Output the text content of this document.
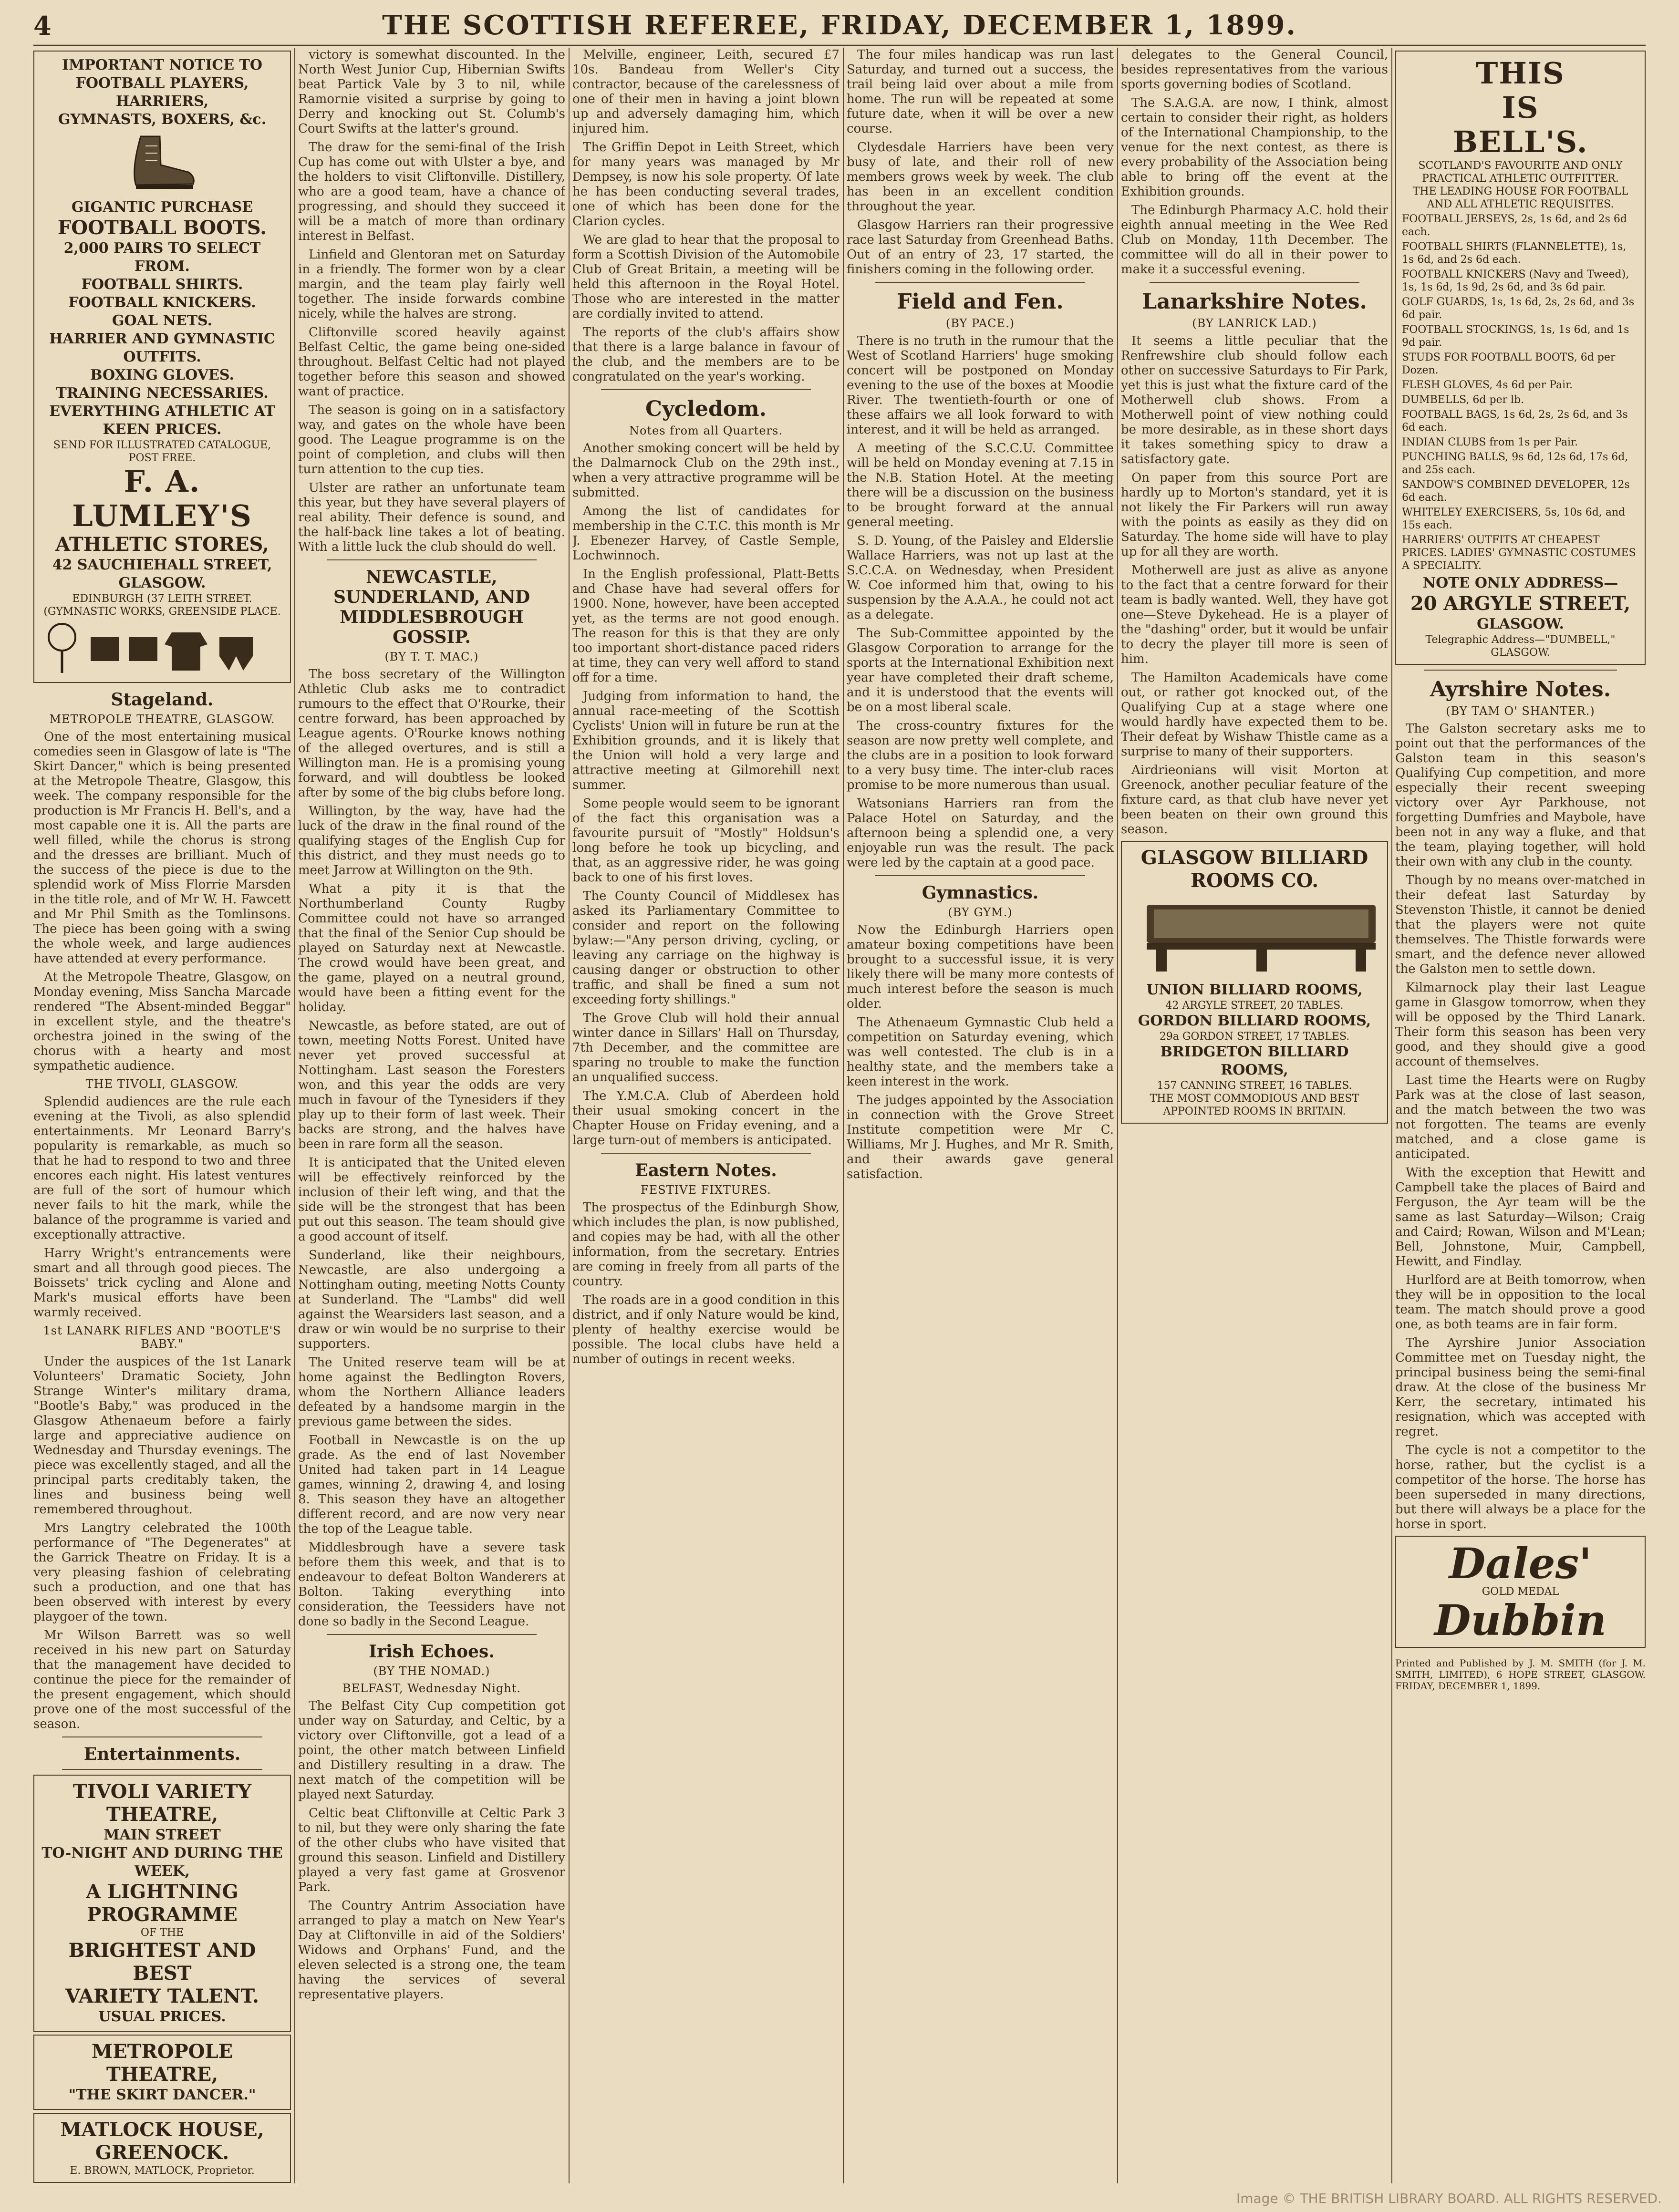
4	THE SCOTTISH REFEREE, FRIDAY, DECEMBER 1, 1899.
IMPORTANT NOTICE TO
FOOTBALL PLAYERS,
HARRIERS,
GYMNASTS, BOXERS, &c.
GIGANTIC PURCHASE
FOOTBALL BOOTS.
2,000 PAIRS TO SELECT FROM.
FOOTBALL SHIRTS.
FOOTBALL KNICKERS.
GOAL NETS.
HARRIER AND GYMNASTIC OUTFITS.
BOXING GLOVES.
TRAINING NECESSARIES.
EVERYTHING ATHLETIC AT KEEN PRICES.
SEND FOR ILLUSTRATED CATALOGUE, POST FREE.
F. A. LUMLEY'S
ATHLETIC STORES,
42 SAUCHIEHALL STREET, GLASGOW.
EDINBURGH (37 LEITH STREET. (GYMNASTIC WORKS, GREENSIDE PLACE.
Stageland.
METROPOLE THEATRE, GLASGOW.

One of the most entertaining musical comedies seen in Glasgow of late is "The Skirt Dancer," which is being presented at the Metropole Theatre, Glasgow, this week. The company responsible for the production is Mr Francis H. Bell's, and a most capable one it is. All the parts are well filled, while the chorus is strong and the dresses are brilliant. Much of the success of the piece is due to the splendid work of Miss Florrie Marsden in the title role, and of Mr W. H. Fawcett and Mr Phil Smith as the Tomlinsons. The piece has been going with a swing the whole week, and large audiences have attended at every performance.

At the Metropole Theatre, Glasgow, on Monday evening, Miss Sancha Marcade rendered "The Absent-minded Beggar" in excellent style, and the theatre's orchestra joined in the swing of the chorus with a hearty and most sympathetic audience.

THE TIVOLI, GLASGOW.

Splendid audiences are the rule each evening at the Tivoli, as also splendid entertainments. Mr Leonard Barry's popularity is remarkable, as much so that he had to respond to two and three encores each night. His latest ventures are full of the sort of humour which never fails to hit the mark, while the balance of the programme is varied and exceptionally attractive.

Harry Wright's entrancements were smart and all through good pieces. The Boissets' trick cycling and Alone and Mark's musical efforts have been warmly received.

1st LANARK RIFLES AND "BOOTLE'S BABY."

Under the auspices of the 1st Lanark Volunteers' Dramatic Society, John Strange Winter's military drama, "Bootle's Baby," was produced in the Glasgow Athenaeum before a fairly large and appreciative audience on Wednesday and Thursday evenings. The piece was excellently staged, and all the principal parts creditably taken, the lines and business being well remembered throughout.

Mrs Langtry celebrated the 100th performance of "The Degenerates" at the Garrick Theatre on Friday. It is a very pleasing fashion of celebrating such a production, and one that has been observed with interest by every playgoer of the town.

Mr Wilson Barrett was so well received in his new part on Saturday that the management have decided to continue the piece for the remainder of the present engagement, which should prove one of the most successful of the season.

Entertainments.
TIVOLI VARIETY THEATRE,
MAIN STREET
TO-NIGHT AND DURING THE WEEK,
A LIGHTNING PROGRAMME
OF THE
BRIGHTEST AND BEST
VARIETY TALENT.
USUAL PRICES.
METROPOLE THEATRE,
"THE SKIRT DANCER."
MATLOCK HOUSE, GREENOCK.
E. BROWN, MATLOCK, Proprietor.

victory is somewhat discounted. In the North West Junior Cup, Hibernian Swifts beat Partick Vale by 3 to nil, while Ramornie visited a surprise by going to Derry and knocking out St. Columb's Court Swifts at the latter's ground.

The draw for the semi-final of the Irish Cup has come out with Ulster a bye, and the holders to visit Cliftonville. Distillery, who are a good team, have a chance of progressing, and should they succeed it will be a match of more than ordinary interest in Belfast.

Linfield and Glentoran met on Saturday in a friendly. The former won by a clear margin, and the team play fairly well together. The inside forwards combine nicely, while the halves are strong.

Cliftonville scored heavily against Belfast Celtic, the game being one-sided throughout. Belfast Celtic had not played together before this season and showed want of practice.

The season is going on in a satisfactory way, and gates on the whole have been good. The League programme is on the point of completion, and clubs will then turn attention to the cup ties.

Ulster are rather an unfortunate team this year, but they have several players of real ability. Their defence is sound, and the half-back line takes a lot of beating. With a little luck the club should do well.

NEWCASTLE, SUNDERLAND, AND MIDDLESBROUGH GOSSIP.
(BY T. T. MAC.)

The boss secretary of the Willington Athletic Club asks me to contradict rumours to the effect that O'Rourke, their centre forward, has been approached by League agents. O'Rourke knows nothing of the alleged overtures, and is still a Willington man. He is a promising young forward, and will doubtless be looked after by some of the big clubs before long.

Willington, by the way, have had the luck of the draw in the final round of the qualifying stages of the English Cup for this district, and they must needs go to meet Jarrow at Willington on the 9th.

What a pity it is that the Northumberland County Rugby Committee could not have so arranged that the final of the Senior Cup should be played on Saturday next at Newcastle. The crowd would have been great, and the game, played on a neutral ground, would have been a fitting event for the holiday.

Newcastle, as before stated, are out of town, meeting Notts Forest. United have never yet proved successful at Nottingham. Last season the Foresters won, and this year the odds are very much in favour of the Tynesiders if they play up to their form of last week. Their backs are strong, and the halves have been in rare form all the season.

It is anticipated that the United eleven will be effectively reinforced by the inclusion of their left wing, and that the side will be the strongest that has been put out this season. The team should give a good account of itself.

Sunderland, like their neighbours, Newcastle, are also undergoing a Nottingham outing, meeting Notts County at Sunderland. The "Lambs" did well against the Wearsiders last season, and a draw or win would be no surprise to their supporters.

The United reserve team will be at home against the Bedlington Rovers, whom the Northern Alliance leaders defeated by a handsome margin in the previous game between the sides.

Football in Newcastle is on the up grade. As the end of last November United had taken part in 14 League games, winning 2, drawing 4, and losing 8. This season they have an altogether different record, and are now very near the top of the League table.

Middlesbrough have a severe task before them this week, and that is to endeavour to defeat Bolton Wanderers at Bolton. Taking everything into consideration, the Teessiders have not done so badly in the Second League.

Irish Echoes.
(BY THE NOMAD.)
BELFAST, Wednesday Night.

The Belfast City Cup competition got under way on Saturday, and Celtic, by a victory over Cliftonville, got a lead of a point, the other match between Linfield and Distillery resulting in a draw. The next match of the competition will be played next Saturday.

Celtic beat Cliftonville at Celtic Park 3 to nil, but they were only sharing the fate of the other clubs who have visited that ground this season. Linfield and Distillery played a very fast game at Grosvenor Park.

The Country Antrim Association have arranged to play a match on New Year's Day at Cliftonville in aid of the Soldiers' Widows and Orphans' Fund, and the eleven selected is a strong one, the team having the services of several representative players.

Melville, engineer, Leith, secured £7 10s. Bandeau from Weller's City contractor, because of the carelessness of one of their men in having a joint blown up and adversely damaging him, which injured him.

The Griffin Depot in Leith Street, which for many years was managed by Mr Dempsey, is now his sole property. Of late he has been conducting several trades, one of which has been done for the Clarion cycles.

We are glad to hear that the proposal to form a Scottish Division of the Automobile Club of Great Britain, a meeting will be held this afternoon in the Royal Hotel. Those who are interested in the matter are cordially invited to attend.

The reports of the club's affairs show that there is a large balance in favour of the club, and the members are to be congratulated on the year's working.

Cycledom.
Notes from all Quarters.

Another smoking concert will be held by the Dalmarnock Club on the 29th inst., when a very attractive programme will be submitted.

Among the list of candidates for membership in the C.T.C. this month is Mr J. Ebenezer Harvey, of Castle Semple, Lochwinnoch.

In the English professional, Platt-Betts and Chase have had several offers for 1900. None, however, have been accepted yet, as the terms are not good enough. The reason for this is that they are only too important short-distance paced riders at time, they can very well afford to stand off for a time.

Judging from information to hand, the annual race-meeting of the Scottish Cyclists' Union will in future be run at the Exhibition grounds, and it is likely that the Union will hold a very large and attractive meeting at Gilmorehill next summer.

Some people would seem to be ignorant of the fact this organisation was a favourite pursuit of "Mostly" Holdsun's long before he took up bicycling, and that, as an aggressive rider, he was going back to one of his first loves.

The County Council of Middlesex has asked its Parliamentary Committee to consider and report on the following bylaw:—"Any person driving, cycling, or leaving any carriage on the highway is causing danger or obstruction to other traffic, and shall be fined a sum not exceeding forty shillings."

The Grove Club will hold their annual winter dance in Sillars' Hall on Thursday, 7th December, and the committee are sparing no trouble to make the function an unqualified success.

The Y.M.C.A. Club of Aberdeen hold their usual smoking concert in the Chapter House on Friday evening, and a large turn-out of members is anticipated.

Eastern Notes.
FESTIVE FIXTURES.

The prospectus of the Edinburgh Show, which includes the plan, is now published, and copies may be had, with all the other information, from the secretary. Entries are coming in freely from all parts of the country.

The roads are in a good condition in this district, and if only Nature would be kind, plenty of healthy exercise would be possible. The local clubs have held a number of outings in recent weeks.

The four miles handicap was run last Saturday, and turned out a success, the trail being laid over about a mile from home. The run will be repeated at some future date, when it will be over a new course.

Clydesdale Harriers have been very busy of late, and their roll of new members grows week by week. The club has been in an excellent condition throughout the year.

Glasgow Harriers ran their progressive race last Saturday from Greenhead Baths. Out of an entry of 23, 17 started, the finishers coming in the following order.

Field and Fen.
(BY PACE.)

There is no truth in the rumour that the West of Scotland Harriers' huge smoking concert will be postponed on Monday evening to the use of the boxes at Moodie River. The twentieth-fourth or one of these affairs we all look forward to with interest, and it will be held as arranged.

A meeting of the S.C.C.U. Committee will be held on Monday evening at 7.15 in the N.B. Station Hotel. At the meeting there will be a discussion on the business to be brought forward at the annual general meeting.

S. D. Young, of the Paisley and Elderslie Wallace Harriers, was not up last at the S.C.C.A. on Wednesday, when President W. Coe informed him that, owing to his suspension by the A.A.A., he could not act as a delegate.

The Sub-Committee appointed by the Glasgow Corporation to arrange for the sports at the International Exhibition next year have completed their draft scheme, and it is understood that the events will be on a most liberal scale.

The cross-country fixtures for the season are now pretty well complete, and the clubs are in a position to look forward to a very busy time. The inter-club races promise to be more numerous than usual.

Watsonians Harriers ran from the Palace Hotel on Saturday, and the afternoon being a splendid one, a very enjoyable run was the result. The pack were led by the captain at a good pace.

Gymnastics.
(BY GYM.)

Now the Edinburgh Harriers open amateur boxing competitions have been brought to a successful issue, it is very likely there will be many more contests of much interest before the season is much older.

The Athenaeum Gymnastic Club held a competition on Saturday evening, which was well contested. The club is in a healthy state, and the members take a keen interest in the work.

The judges appointed by the Association in connection with the Grove Street Institute competition were Mr C. Williams, Mr J. Hughes, and Mr R. Smith, and their awards gave general satisfaction.

delegates to the General Council, besides representatives from the various sports governing bodies of Scotland.

The S.A.G.A. are now, I think, almost certain to consider their right, as holders of the International Championship, to the venue for the next contest, as there is every probability of the Association being able to bring off the event at the Exhibition grounds.

The Edinburgh Pharmacy A.C. hold their eighth annual meeting in the Wee Red Club on Monday, 11th December. The committee will do all in their power to make it a successful evening.

Lanarkshire Notes.
(BY LANRICK LAD.)

It seems a little peculiar that the Renfrewshire club should follow each other on successive Saturdays to Fir Park, yet this is just what the fixture card of the Motherwell club shows. From a Motherwell point of view nothing could be more desirable, as in these short days it takes something spicy to draw a satisfactory gate.

On paper from this source Port are hardly up to Morton's standard, yet it is not likely the Fir Parkers will run away with the points as easily as they did on Saturday. The home side will have to play up for all they are worth.

Motherwell are just as alive as anyone to the fact that a centre forward for their team is badly wanted. Well, they have got one—Steve Dykehead. He is a player of the "dashing" order, but it would be unfair to decry the player till more is seen of him.

The Hamilton Academicals have come out, or rather got knocked out, of the Qualifying Cup at a stage where one would hardly have expected them to be. Their defeat by Wishaw Thistle came as a surprise to many of their supporters.

Airdrieonians will visit Morton at Greenock, another peculiar feature of the fixture card, as that club have never yet been beaten on their own ground this season.

GLASGOW BILLIARD ROOMS CO.
UNION BILLIARD ROOMS,
42 ARGYLE STREET, 20 TABLES.
GORDON BILLIARD ROOMS,
29a GORDON STREET, 17 TABLES.
BRIDGETON BILLIARD ROOMS,
157 CANNING STREET, 16 TABLES.
THE MOST COMMODIOUS AND BEST APPOINTED ROOMS IN BRITAIN.
THIS
IS
BELL'S.
SCOTLAND'S FAVOURITE AND ONLY PRACTICAL ATHLETIC OUTFITTER.
THE LEADING HOUSE FOR FOOTBALL AND ALL ATHLETIC REQUISITES.

FOOTBALL JERSEYS, 2s, 1s 6d, and 2s 6d each.

FOOTBALL SHIRTS (FLANNELETTE), 1s, 1s 6d, and 2s 6d each.

FOOTBALL KNICKERS (Navy and Tweed), 1s, 1s 6d, 1s 9d, 2s 6d, and 3s 6d pair.

GOLF GUARDS, 1s, 1s 6d, 2s, 2s 6d, and 3s 6d pair.

FOOTBALL STOCKINGS, 1s, 1s 6d, and 1s 9d pair.

STUDS FOR FOOTBALL BOOTS, 6d per Dozen.

FLESH GLOVES, 4s 6d per Pair.

DUMBELLS, 6d per lb.

FOOTBALL BAGS, 1s 6d, 2s, 2s 6d, and 3s 6d each.

INDIAN CLUBS from 1s per Pair.

PUNCHING BALLS, 9s 6d, 12s 6d, 17s 6d, and 25s each.

SANDOW'S COMBINED DEVELOPER, 12s 6d each.

WHITELEY EXERCISERS, 5s, 10s 6d, and 15s each.

HARRIERS' OUTFITS AT CHEAPEST PRICES. LADIES' GYMNASTIC COSTUMES A SPECIALITY.

NOTE ONLY ADDRESS—
20 ARGYLE STREET,
GLASGOW.
Telegraphic Address—"DUMBELL," GLASGOW.
Ayrshire Notes.
(BY TAM O' SHANTER.)

The Galston secretary asks me to point out that the performances of the Galston team in this season's Qualifying Cup competition, and more especially their recent sweeping victory over Ayr Parkhouse, not forgetting Dumfries and Maybole, have been not in any way a fluke, and that the team, playing together, will hold their own with any club in the county.

Though by no means over-matched in their defeat last Saturday by Stevenston Thistle, it cannot be denied that the players were not quite themselves. The Thistle forwards were smart, and the defence never allowed the Galston men to settle down.

Kilmarnock play their last League game in Glasgow tomorrow, when they will be opposed by the Third Lanark. Their form this season has been very good, and they should give a good account of themselves.

Last time the Hearts were on Rugby Park was at the close of last season, and the match between the two was not forgotten. The teams are evenly matched, and a close game is anticipated.

With the exception that Hewitt and Campbell take the places of Baird and Ferguson, the Ayr team will be the same as last Saturday—Wilson; Craig and Caird; Rowan, Wilson and M'Lean; Bell, Johnstone, Muir, Campbell, Hewitt, and Findlay.

Hurlford are at Beith tomorrow, when they will be in opposition to the local team. The match should prove a good one, as both teams are in fair form.

The Ayrshire Junior Association Committee met on Tuesday night, the principal business being the semi-final draw. At the close of the business Mr Kerr, the secretary, intimated his resignation, which was accepted with regret.

The cycle is not a competitor to the horse, rather, but the cyclist is a competitor of the horse. The horse has been superseded in many directions, but there will always be a place for the horse in sport.

Dales'
GOLD MEDAL
Dubbin

Printed and Published by J. M. SMITH (for J. M. SMITH, LIMITED), 6 HOPE STREET, GLASGOW. FRIDAY, DECEMBER 1, 1899.

Image © THE BRITISH LIBRARY BOARD. ALL RIGHTS RESERVED.
